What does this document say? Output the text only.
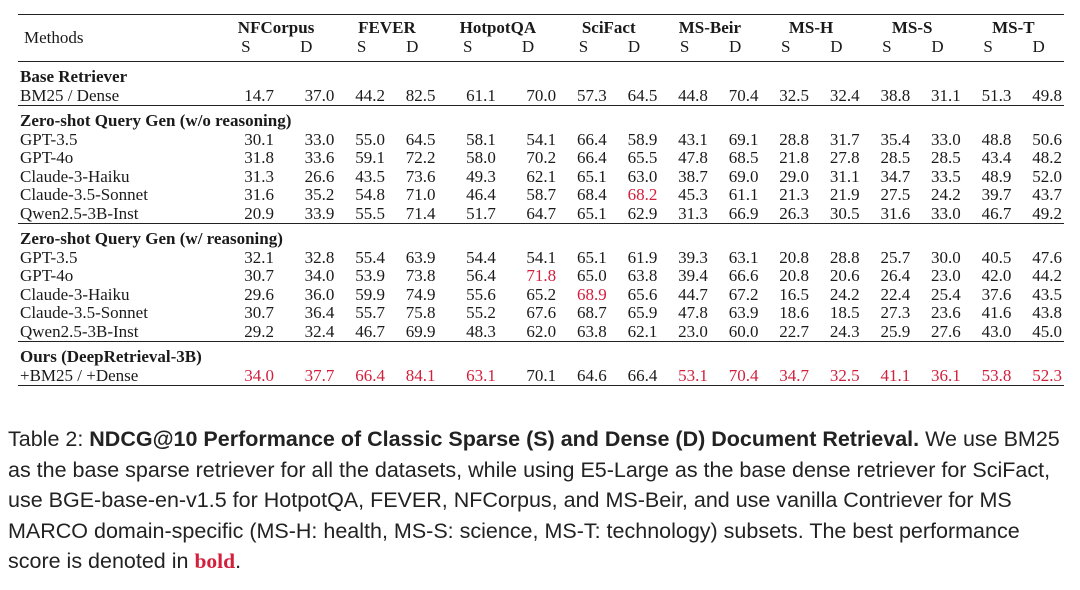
Methods	NFCorpus		FEVER		HotpotQA		SciFact		MS-Beir		MS-H		MS-S		MS-T	
	S	D	S	D	S	D	S	D	S	D	S	D	S	D	S	D
Base Retriever																
BM25 / Dense	14.7	37.0	44.2	82.5	61.1	70.0	57.3	64.5	44.8	70.4	32.5	32.4	38.8	31.1	51.3	49.8
Zero-shot Query Gen (w/o reasoning)																
GPT-3.5	30.1	33.0	55.0	64.5	58.1	54.1	66.4	58.9	43.1	69.1	28.8	31.7	35.4	33.0	48.8	50.6
GPT-4o	31.8	33.6	59.1	72.2	58.0	70.2	66.4	65.5	47.8	68.5	21.8	27.8	28.5	28.5	43.4	48.2
Claude-3-Haiku	31.3	26.6	43.5	73.6	49.3	62.1	65.1	63.0	38.7	69.0	29.0	31.1	34.7	33.5	48.9	52.0
Claude-3.5-Sonnet	31.6	35.2	54.8	71.0	46.4	58.7	68.4	68.2	45.3	61.1	21.3	21.9	27.5	24.2	39.7	43.7
Qwen2.5-3B-Inst	20.9	33.9	55.5	71.4	51.7	64.7	65.1	62.9	31.3	66.9	26.3	30.5	31.6	33.0	46.7	49.2
Zero-shot Query Gen (w/ reasoning)																
GPT-3.5	32.1	32.8	55.4	63.9	54.4	54.1	65.1	61.9	39.3	63.1	20.8	28.8	25.7	30.0	40.5	47.6
GPT-4o	30.7	34.0	53.9	73.8	56.4	71.8	65.0	63.8	39.4	66.6	20.8	20.6	26.4	23.0	42.0	44.2
Claude-3-Haiku	29.6	36.0	59.9	74.9	55.6	65.2	68.9	65.6	44.7	67.2	16.5	24.2	22.4	25.4	37.6	43.5
Claude-3.5-Sonnet	30.7	36.4	55.7	75.8	55.2	67.6	68.7	65.9	47.8	63.9	18.6	18.5	27.3	23.6	41.6	43.8
Qwen2.5-3B-Inst	29.2	32.4	46.7	69.9	48.3	62.0	63.8	62.1	23.0	60.0	22.7	24.3	25.9	27.6	43.0	45.0
Ours (DeepRetrieval-3B)																
+BM25 / +Dense	34.0	37.7	66.4	84.1	63.1	70.1	64.6	66.4	53.1	70.4	34.7	32.5	41.1	36.1	53.8	52.3
Table 2: NDCG@10 Performance of Classic Sparse (S) and Dense (D) Document Retrieval. We use BM25 as the base sparse retriever for all the datasets, while using E5-Large as the base dense retriever for SciFact, use BGE-base-en-v1.5 for HotpotQA, FEVER, NFCorpus, and MS-Beir, and use vanilla Contriever for MS MARCO domain-specific (MS-H: health, MS-S: science, MS-T: technology) subsets. The best performance score is denoted in bold.
